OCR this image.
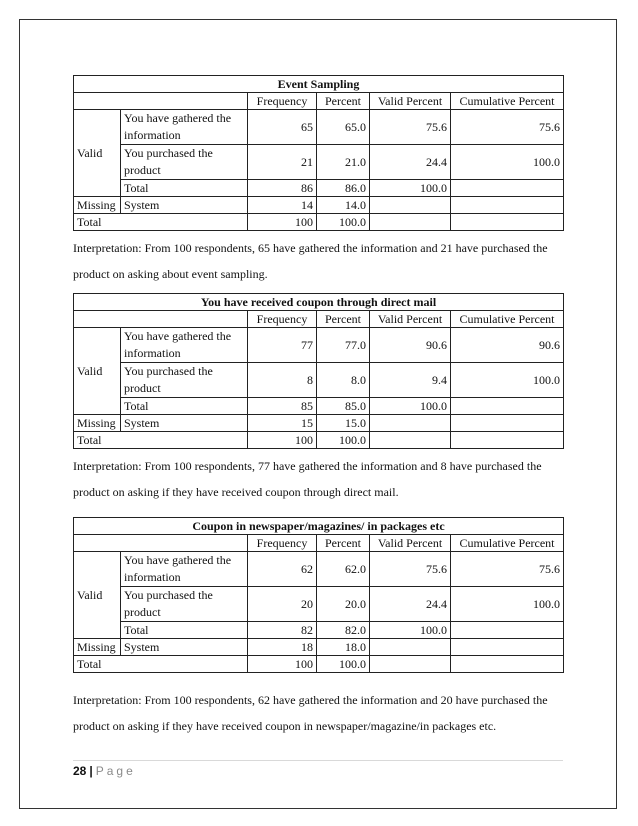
Event Sampling					
		Frequency	Percent	Valid Percent	Cumulative Percent
Valid	You have gathered the information	65	65.0	75.6	75.6
	You purchased the product	21	21.0	24.4	100.0
	Total	86	86.0	100.0	
Missing	System	14	14.0		
Total		100	100.0		
Interpretation: From 100 respondents, 65 have gathered the information and 21 have purchased the product on asking about event sampling.
You have received coupon through direct mail					
		Frequency	Percent	Valid Percent	Cumulative Percent
Valid	You have gathered the information	77	77.0	90.6	90.6
	You purchased the product	8	8.0	9.4	100.0
	Total	85	85.0	100.0	
Missing	System	15	15.0		
Total		100	100.0		
Interpretation: From 100 respondents, 77 have gathered the information and 8 have purchased the product on asking if they have received coupon through direct mail.
Coupon in newspaper/magazines/ in packages etc					
		Frequency	Percent	Valid Percent	Cumulative Percent
Valid	You have gathered the information	62	62.0	75.6	75.6
	You purchased the product	20	20.0	24.4	100.0
	Total	82	82.0	100.0	
Missing	System	18	18.0		
Total		100	100.0		
Interpretation: From 100 respondents, 62 have gathered the information and 20 have purchased the product on asking if they have received coupon in newspaper/magazine/in packages etc.
28 | Page
